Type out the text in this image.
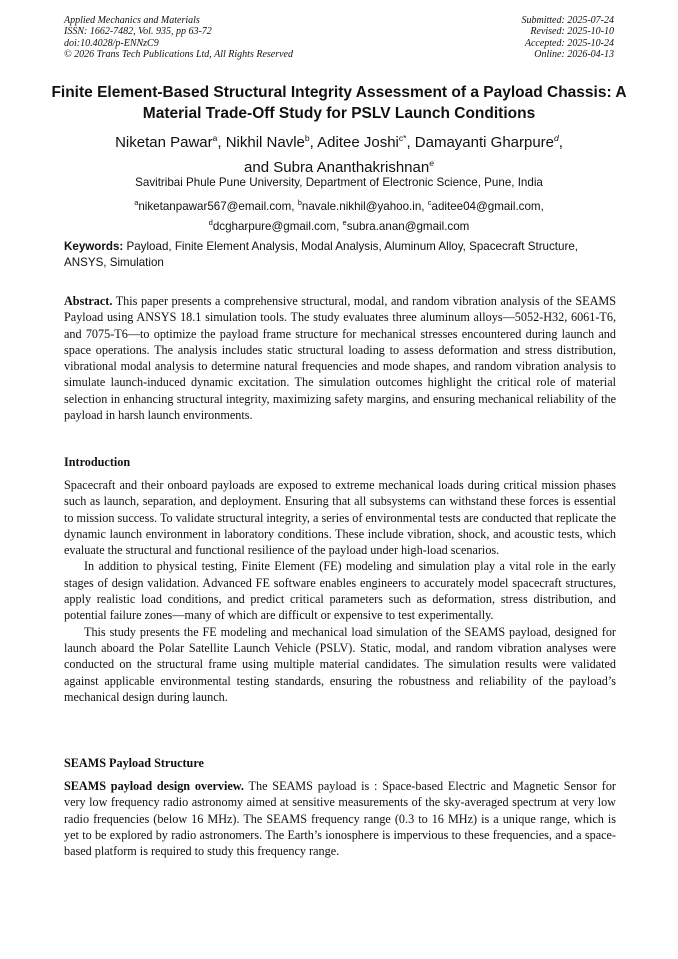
Applied Mechanics and Materials
ISSN: 1662-7482, Vol. 935, pp 63-72
doi:10.4028/p-ENNzC9
© 2026 Trans Tech Publications Ltd, All Rights Reserved
Submitted: 2025-07-24
Revised: 2025-10-10
Accepted: 2025-10-24
Online: 2026-04-13
Finite Element-Based Structural Integrity Assessment of a Payload Chassis: A Material Trade-Off Study for PSLV Launch Conditions
Niketan Pawar$^a$, Nikhil Navle$^b$, Aditee Joshi$^{c*}$, Damayanti Gharpure$^d$,
and Subra Ananthakrishnan$^e$
Savitribai Phule Pune University, Department of Electronic Science, Pune, India
$^a$niketanpawar567@email.com, $^b$navale.nikhil@yahoo.in, $^c$aditee04@gmail.com,
$^d$dcgharpure@gmail.com, $^e$subra.anan@gmail.com
Keywords: Payload, Finite Element Analysis, Modal Analysis, Aluminum Alloy, Spacecraft Structure, ANSYS, Simulation
Abstract. This paper presents a comprehensive structural, modal, and random vibration analysis of the SEAMS Payload using ANSYS 18.1 simulation tools. The study evaluates three aluminum alloys—5052-H32, 6061-T6, and 7075-T6—to optimize the payload frame structure for mechanical stresses encountered during launch and space operations. The analysis includes static structural loading to assess deformation and stress distribution, vibrational modal analysis to determine natural frequencies and mode shapes, and random vibration analysis to simulate launch-induced dynamic excitation. The simulation outcomes highlight the critical role of material selection in enhancing structural integrity, maximizing safety margins, and ensuring mechanical reliability of the payload in harsh launch environments.
Introduction

Spacecraft and their onboard payloads are exposed to extreme mechanical loads during critical mission phases such as launch, separation, and deployment. Ensuring that all subsystems can withstand these forces is essential to mission success. To validate structural integrity, a series of environmental tests are conducted that replicate the dynamic launch environment in laboratory conditions. These include vibration, shock, and acoustic tests, which evaluate the structural and functional resilience of the payload under high-load scenarios.

In addition to physical testing, Finite Element (FE) modeling and simulation play a vital role in the early stages of design validation. Advanced FE software enables engineers to accurately model spacecraft structures, apply realistic load conditions, and predict critical parameters such as deformation, stress distribution, and potential failure zones—many of which are difficult or expensive to test experimentally.

This study presents the FE modeling and mechanical load simulation of the SEAMS payload, designed for launch aboard the Polar Satellite Launch Vehicle (PSLV). Static, modal, and random vibration analyses were conducted on the structural frame using multiple material candidates. The simulation results were validated against applicable environmental testing standards, ensuring the robustness and reliability of the payload’s mechanical design during launch.

SEAMS Payload Structure
SEAMS payload design overview. The SEAMS payload is : Space-based Electric and Magnetic Sensor for very low frequency radio astronomy aimed at sensitive measurements of the sky-averaged spectrum at very low radio frequencies (below 16 MHz). The SEAMS frequency range (0.3 to 16 MHz) is a unique range, which is yet to be explored by radio astronomers. The Earth’s ionosphere is impervious to these frequencies, and a space-based platform is required to study this frequency range.
